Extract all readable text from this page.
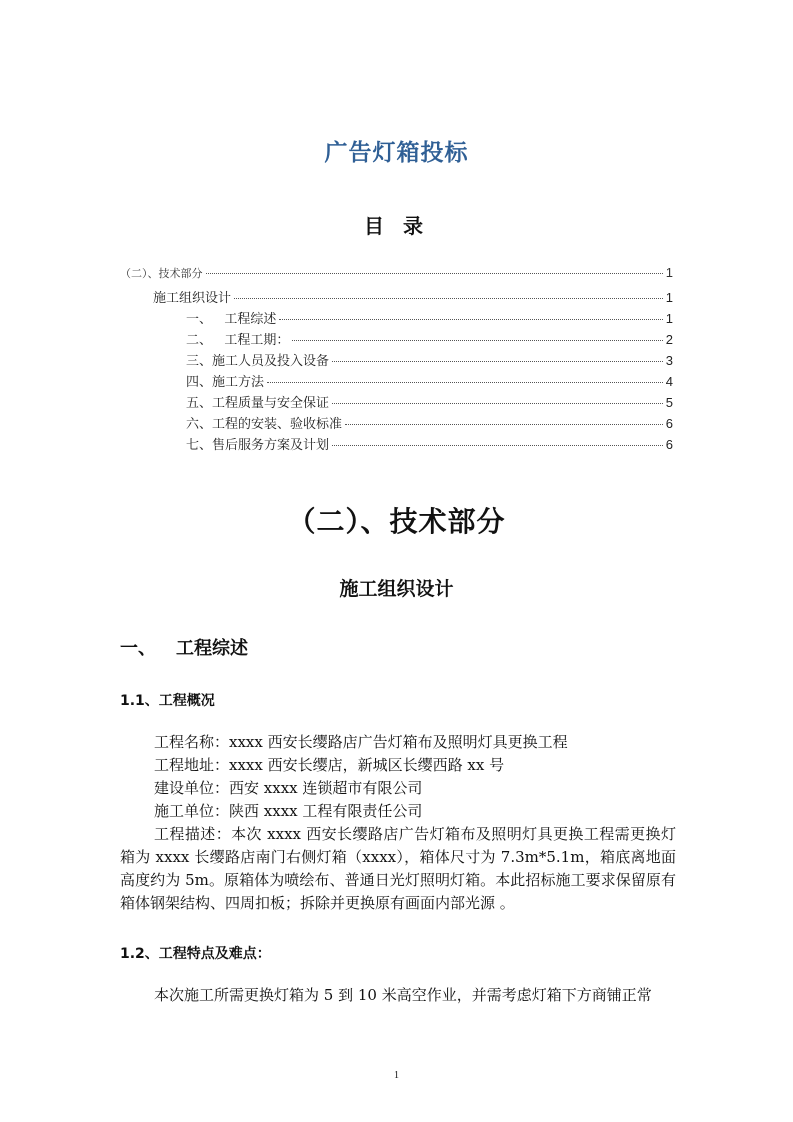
广告灯箱投标
目 录
（二）、技术部分	1
施工组织设计	1
一、   工程综述	1
二、   工程工期：	2
三、施工人员及投入设备	3
四、施工方法	4
五、工程质量与安全保证	5
六、工程的安装、验收标准	6
七、售后服务方案及计划	6
（二）、技术部分
施工组织设计
一、 工程综述
1.1、工程概况
工程名称：xxxx 西安长缨路店广告灯箱布及照明灯具更换工程
工程地址：xxxx 西安长缨店，新城区长缨西路 xx 号
建设单位：西安 xxxx 连锁超市有限公司
施工单位：陕西 xxxx 工程有限责任公司
工程描述：本次 xxxx 西安长缨路店广告灯箱布及照明灯具更换工程需更换灯箱为 xxxx 长缨路店南门右侧灯箱（xxxx），箱体尺寸为 7.3m*5.1m，箱底离地面高度约为 5m。原箱体为喷绘布、普通日光灯照明灯箱。本此招标施工要求保留原有箱体钢架结构、四周扣板；拆除并更换原有画面内部光源 。
1.2、工程特点及难点：
本次施工所需更换灯箱为 5 到 10 米高空作业，并需考虑灯箱下方商铺正常
1
